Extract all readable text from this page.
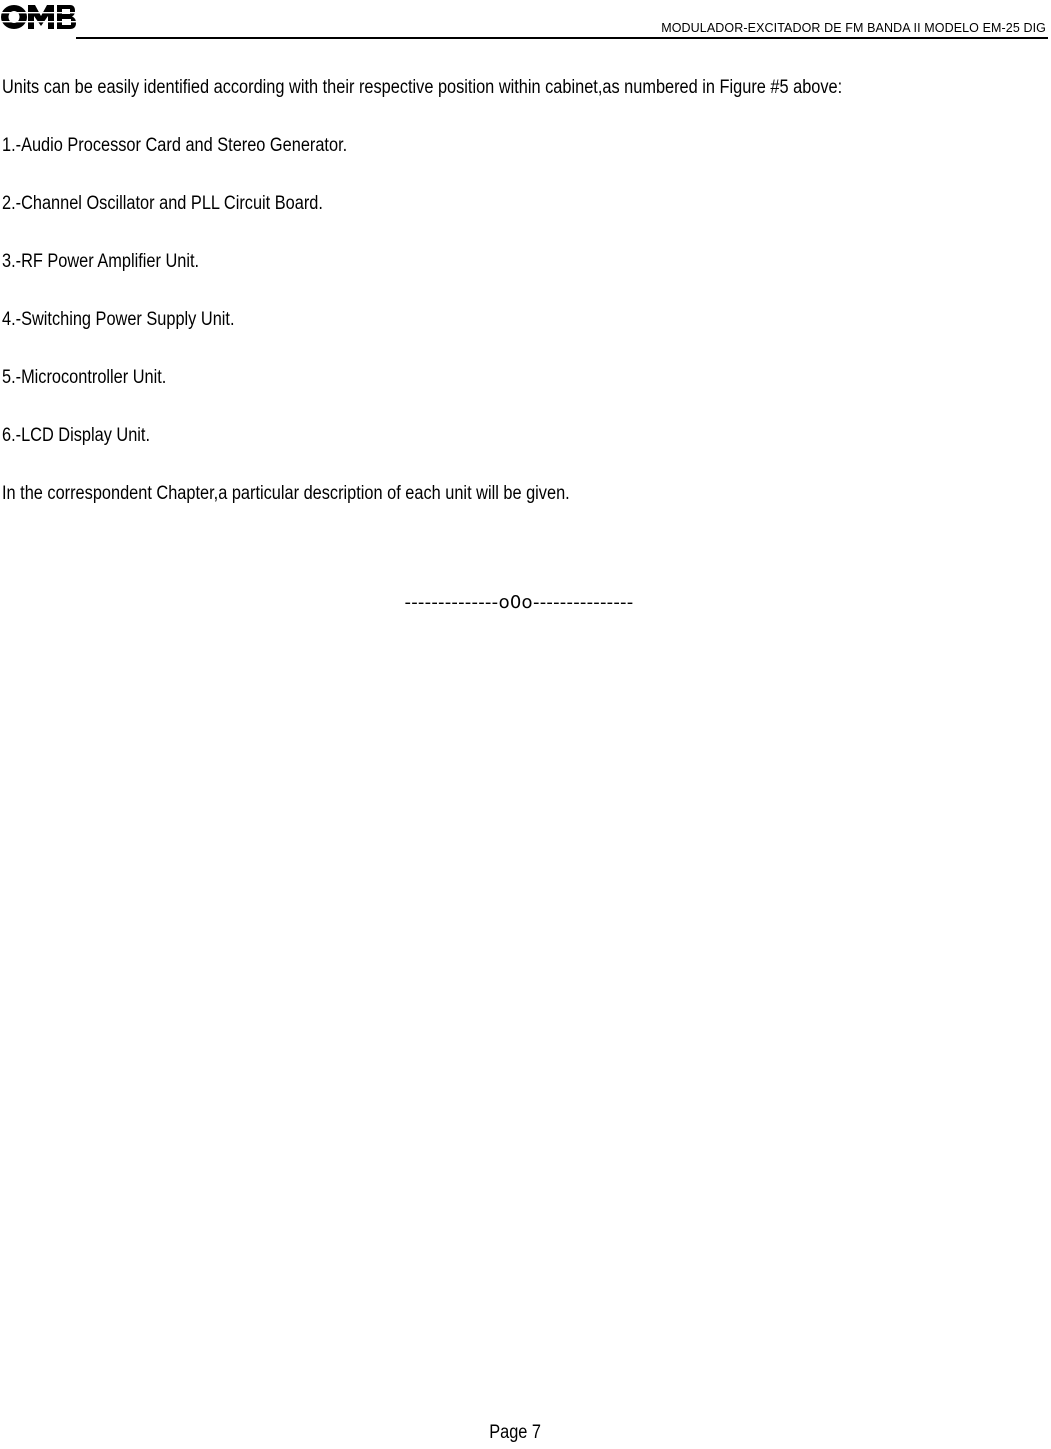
MODULADOR-EXCITADOR DE FM BANDA II MODELO EM-25 DIG

Units can be easily identified according with their respective position within cabinet,as numbered in Figure #5 above:

1.-Audio Processor Card and Stereo Generator.

2.-Channel Oscillator and PLL Circuit Board.

3.-RF Power Amplifier Unit.

4.-Switching Power Supply Unit.

5.-Microcontroller Unit.

6.-LCD Display Unit.

In the correspondent Chapter,a particular description of each unit will be given.

--------------o0o---------------
Page 7
